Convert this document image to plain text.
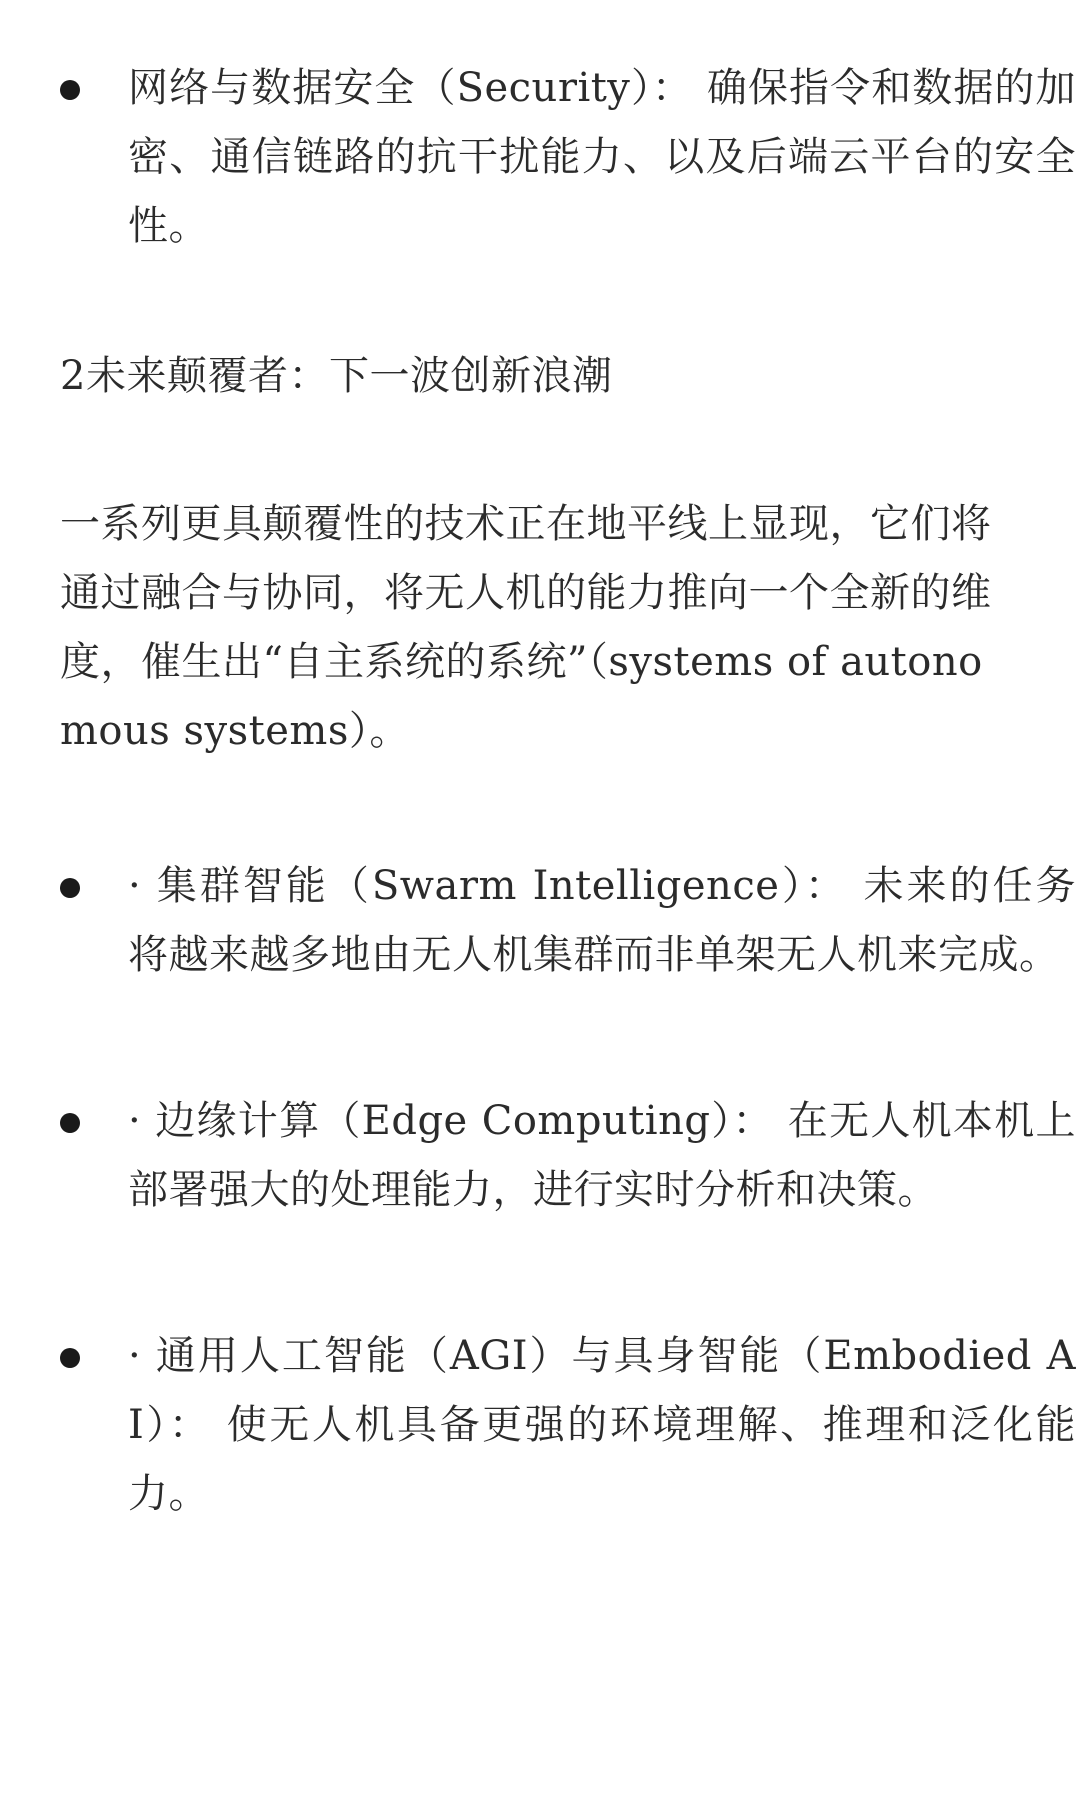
网络与数据安全（Security）： 确保指令和数据的加密、通信链路的抗干扰能力、以及后端云平台的安全性。
2未来颠覆者：下一波创新浪潮
一系列更具颠覆性的技术正在地平线上显现，它们将通过融合与协同，将无人机的能力推向一个全新的维度，催生出“自主系统的系统”（systems of autonomous systems）。
· 集群智能（Swarm Intelligence）： 未来的任务将越来越多地由无人机集群而非单架无人机来完成。
· 边缘计算（Edge Computing）： 在无人机本机上部署强大的处理能力，进行实时分析和决策。
· 通用人工智能（AGI）与具身智能（Embodied AI）： 使无人机具备更强的环境理解、推理和泛化能力。
